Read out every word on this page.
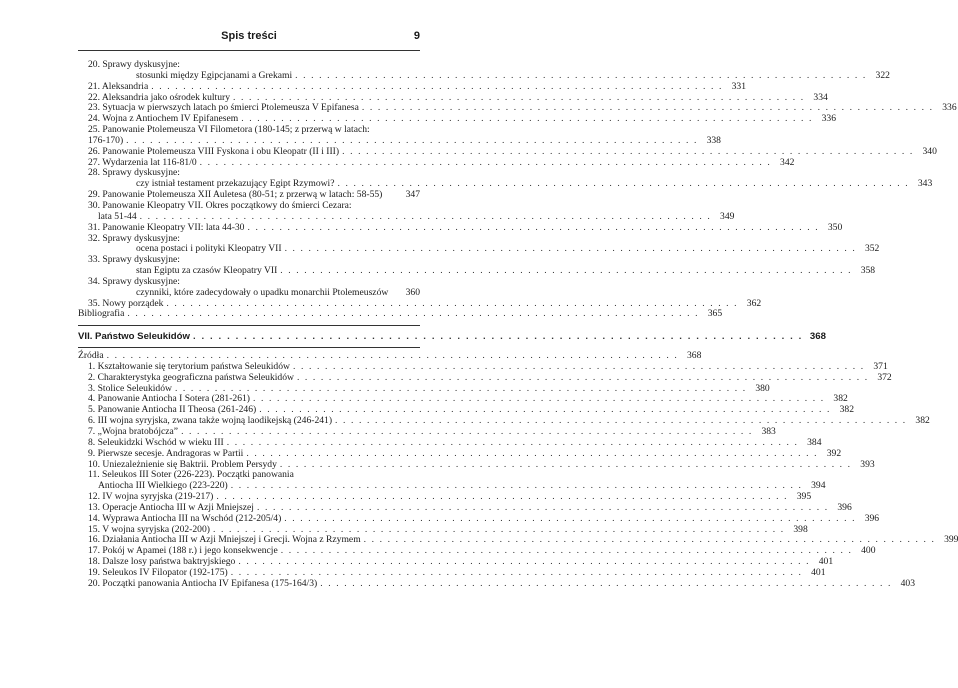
Spis treści	9
20. Sprawy dyskusyjne:
stosunki między Egipcjanami a Grekami . . . . . . . . . . . . . . . . . . . . . . . . . . . . . . . . . . . . . . . . . . . . . . . . . . . . . . . . . . . . . . . . . . . . . . . . 322
21. Aleksandria . . . . . . . . . . . . . . . . . . . . . . . . . . . . . . . . . . . . . . . . . . . . . . . . . . . . . . . . . . . . . . . . . . . . . . . . 331
22. Aleksandria jako ośrodek kultury . . . . . . . . . . . . . . . . . . . . . . . . . . . . . . . . . . . . . . . . . . . . . . . . . . . . . . . . . . . . . . . . . . . . . . . . 334
23. Sytuacja w pierwszych latach po śmierci Ptolemeusza V Epifanesa . . . . . . . . . . . . . . . . . . . . . . . . . . . . . . . . . . . . . . . . . . . . . . . . . . . . . . . . . . . . . . . . . . . . . . . . 336
24. Wojna z Antiochem IV Epifanesem . . . . . . . . . . . . . . . . . . . . . . . . . . . . . . . . . . . . . . . . . . . . . . . . . . . . . . . . . . . . . . . . . . . . . . . . 336
25. Panowanie Ptolemeusza VI Filometora (180-145; z przerwą w latach:
176-170) . . . . . . . . . . . . . . . . . . . . . . . . . . . . . . . . . . . . . . . . . . . . . . . . . . . . . . . . . . . . . . . . . . . . . . . . 338
26. Panowanie Ptolemeusza VIII Fyskona i obu Kleopatr (II i III) . . . . . . . . . . . . . . . . . . . . . . . . . . . . . . . . . . . . . . . . . . . . . . . . . . . . . . . . . . . . . . . . . . . . . . . . 340
27. Wydarzenia lat 116-81/0 . . . . . . . . . . . . . . . . . . . . . . . . . . . . . . . . . . . . . . . . . . . . . . . . . . . . . . . . . . . . . . . . . . . . . . . . 342
28. Sprawy dyskusyjne:
czy istniał testament przekazujący Egipt Rzymowi? . . . . . . . . . . . . . . . . . . . . . . . . . . . . . . . . . . . . . . . . . . . . . . . . . . . . . . . . . . . . . . . . . . . . . . . . 343
29. Panowanie Ptolemeusza XII Auletesa (80-51; z przerwą w latach: 58-55)	347
30. Panowanie Kleopatry VII. Okres początkowy do śmierci Cezara:
lata 51-44 . . . . . . . . . . . . . . . . . . . . . . . . . . . . . . . . . . . . . . . . . . . . . . . . . . . . . . . . . . . . . . . . . . . . . . . . 349
31. Panowanie Kleopatry VII: lata 44-30 . . . . . . . . . . . . . . . . . . . . . . . . . . . . . . . . . . . . . . . . . . . . . . . . . . . . . . . . . . . . . . . . . . . . . . . . 350
32. Sprawy dyskusyjne:
ocena postaci i polityki Kleopatry VII . . . . . . . . . . . . . . . . . . . . . . . . . . . . . . . . . . . . . . . . . . . . . . . . . . . . . . . . . . . . . . . . . . . . . . . . 352
33. Sprawy dyskusyjne:
stan Egiptu za czasów Kleopatry VII . . . . . . . . . . . . . . . . . . . . . . . . . . . . . . . . . . . . . . . . . . . . . . . . . . . . . . . . . . . . . . . . . . . . . . . . 358
34. Sprawy dyskusyjne:
czynniki, które zadecydowały o upadku monarchii Ptolemeuszów	360
35. Nowy porządek . . . . . . . . . . . . . . . . . . . . . . . . . . . . . . . . . . . . . . . . . . . . . . . . . . . . . . . . . . . . . . . . . . . . . . . . 362
Bibliografia . . . . . . . . . . . . . . . . . . . . . . . . . . . . . . . . . . . . . . . . . . . . . . . . . . . . . . . . . . . . . . . . . . . . . . . . 365
VII. Państwo Seleukidów . . . . . . . . . . . . . . . . . . . . . . . . . . . . . . . . . . . . . . . . . . . . . . . . . . . . . . . . . . . . . . . . . . . . . . . . 368
Źródła . . . . . . . . . . . . . . . . . . . . . . . . . . . . . . . . . . . . . . . . . . . . . . . . . . . . . . . . . . . . . . . . . . . . . . . . 368
1. Kształtowanie się terytorium państwa Seleukidów . . . . . . . . . . . . . . . . . . . . . . . . . . . . . . . . . . . . . . . . . . . . . . . . . . . . . . . . . . . . . . . . . . . . . . . . 371
2. Charakterystyka geograficzna państwa Seleukidów . . . . . . . . . . . . . . . . . . . . . . . . . . . . . . . . . . . . . . . . . . . . . . . . . . . . . . . . . . . . . . . . . . . . . . . . 372
3. Stolice Seleukidów . . . . . . . . . . . . . . . . . . . . . . . . . . . . . . . . . . . . . . . . . . . . . . . . . . . . . . . . . . . . . . . . . . . . . . . . 380
4. Panowanie Antiocha I Sotera (281-261) . . . . . . . . . . . . . . . . . . . . . . . . . . . . . . . . . . . . . . . . . . . . . . . . . . . . . . . . . . . . . . . . . . . . . . . . 382
5. Panowanie Antiocha II Theosa (261-246) . . . . . . . . . . . . . . . . . . . . . . . . . . . . . . . . . . . . . . . . . . . . . . . . . . . . . . . . . . . . . . . . . . . . . . . . 382
6. III wojna syryjska, zwana także wojną laodikejską (246-241) . . . . . . . . . . . . . . . . . . . . . . . . . . . . . . . . . . . . . . . . . . . . . . . . . . . . . . . . . . . . . . . . . . . . . . . . 382
7. „Wojna bratobójcza” . . . . . . . . . . . . . . . . . . . . . . . . . . . . . . . . . . . . . . . . . . . . . . . . . . . . . . . . . . . . . . . . . . . . . . . . 383
8. Seleukidzki Wschód w wieku III . . . . . . . . . . . . . . . . . . . . . . . . . . . . . . . . . . . . . . . . . . . . . . . . . . . . . . . . . . . . . . . . . . . . . . . . 384
9. Pierwsze secesje. Andragoras w Partii . . . . . . . . . . . . . . . . . . . . . . . . . . . . . . . . . . . . . . . . . . . . . . . . . . . . . . . . . . . . . . . . . . . . . . . . 392
10. Uniezależnienie się Baktrii. Problem Persydy . . . . . . . . . . . . . . . . . . . . . . . . . . . . . . . . . . . . . . . . . . . . . . . . . . . . . . . . . . . . . . . . . . . . . . . . 393
11. Seleukos III Soter (226-223). Początki panowania
Antiocha III Wielkiego (223-220) . . . . . . . . . . . . . . . . . . . . . . . . . . . . . . . . . . . . . . . . . . . . . . . . . . . . . . . . . . . . . . . . . . . . . . . . 394
12. IV wojna syryjska (219-217) . . . . . . . . . . . . . . . . . . . . . . . . . . . . . . . . . . . . . . . . . . . . . . . . . . . . . . . . . . . . . . . . . . . . . . . . 395
13. Operacje Antiocha III w Azji Mniejszej . . . . . . . . . . . . . . . . . . . . . . . . . . . . . . . . . . . . . . . . . . . . . . . . . . . . . . . . . . . . . . . . . . . . . . . . 396
14. Wyprawa Antiocha III na Wschód (212-205/4) . . . . . . . . . . . . . . . . . . . . . . . . . . . . . . . . . . . . . . . . . . . . . . . . . . . . . . . . . . . . . . . . . . . . . . . . 396
15. V wojna syryjska (202-200) . . . . . . . . . . . . . . . . . . . . . . . . . . . . . . . . . . . . . . . . . . . . . . . . . . . . . . . . . . . . . . . . . . . . . . . . 398
16. Działania Antiocha III w Azji Mniejszej i Grecji. Wojna z Rzymem . . . . . . . . . . . . . . . . . . . . . . . . . . . . . . . . . . . . . . . . . . . . . . . . . . . . . . . . . . . . . . . . . . . . . . . . 399
17. Pokój w Apamei (188 r.) i jego konsekwencje . . . . . . . . . . . . . . . . . . . . . . . . . . . . . . . . . . . . . . . . . . . . . . . . . . . . . . . . . . . . . . . . . . . . . . . . 400
18. Dalsze losy państwa baktryjskiego . . . . . . . . . . . . . . . . . . . . . . . . . . . . . . . . . . . . . . . . . . . . . . . . . . . . . . . . . . . . . . . . . . . . . . . . 401
19. Seleukos IV Filopator (192-175) . . . . . . . . . . . . . . . . . . . . . . . . . . . . . . . . . . . . . . . . . . . . . . . . . . . . . . . . . . . . . . . . . . . . . . . . 401
20. Początki panowania Antiocha IV Epifanesa (175-164/3) . . . . . . . . . . . . . . . . . . . . . . . . . . . . . . . . . . . . . . . . . . . . . . . . . . . . . . . . . . . . . . . . . . . . . . . . 403
